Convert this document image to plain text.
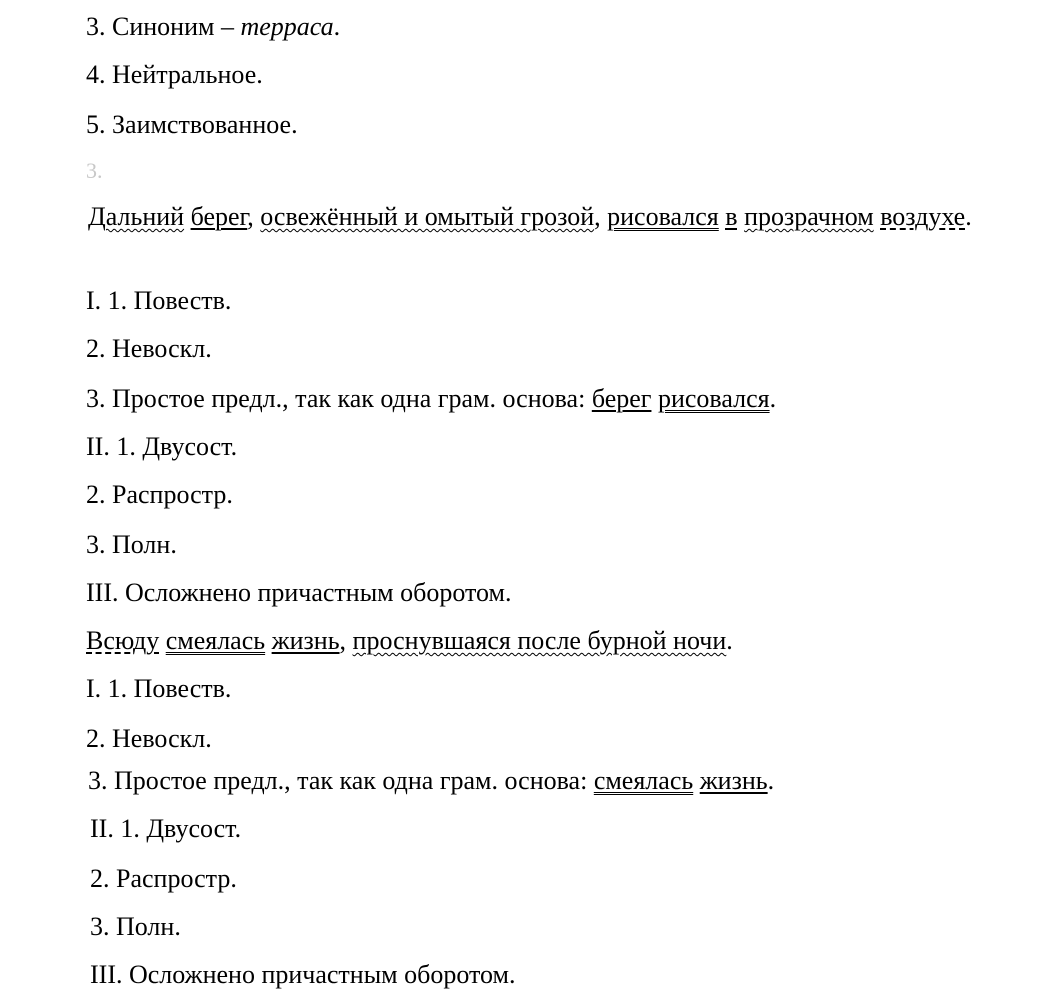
3. Синоним – терраса.
4. Нейтральное.
5. Заимствованное.
3.
Дальний берег, освежённый и омытый грозой, рисовался в прозрачном воздухе.
I. 1. Повеств.
2. Невоскл.
3. Простое предл., так как одна грам. основа: берег рисовался.
II. 1. Двусост.
2. Распростр.
3. Полн.
III. Осложнено причастным оборотом.
Всюду смеялась жизнь, проснувшаяся после бурной ночи.
I. 1. Повеств.
2. Невоскл.
3. Простое предл., так как одна грам. основа: смеялась жизнь.
II. 1. Двусост.
2. Распростр.
3. Полн.
III. Осложнено причастным оборотом.
